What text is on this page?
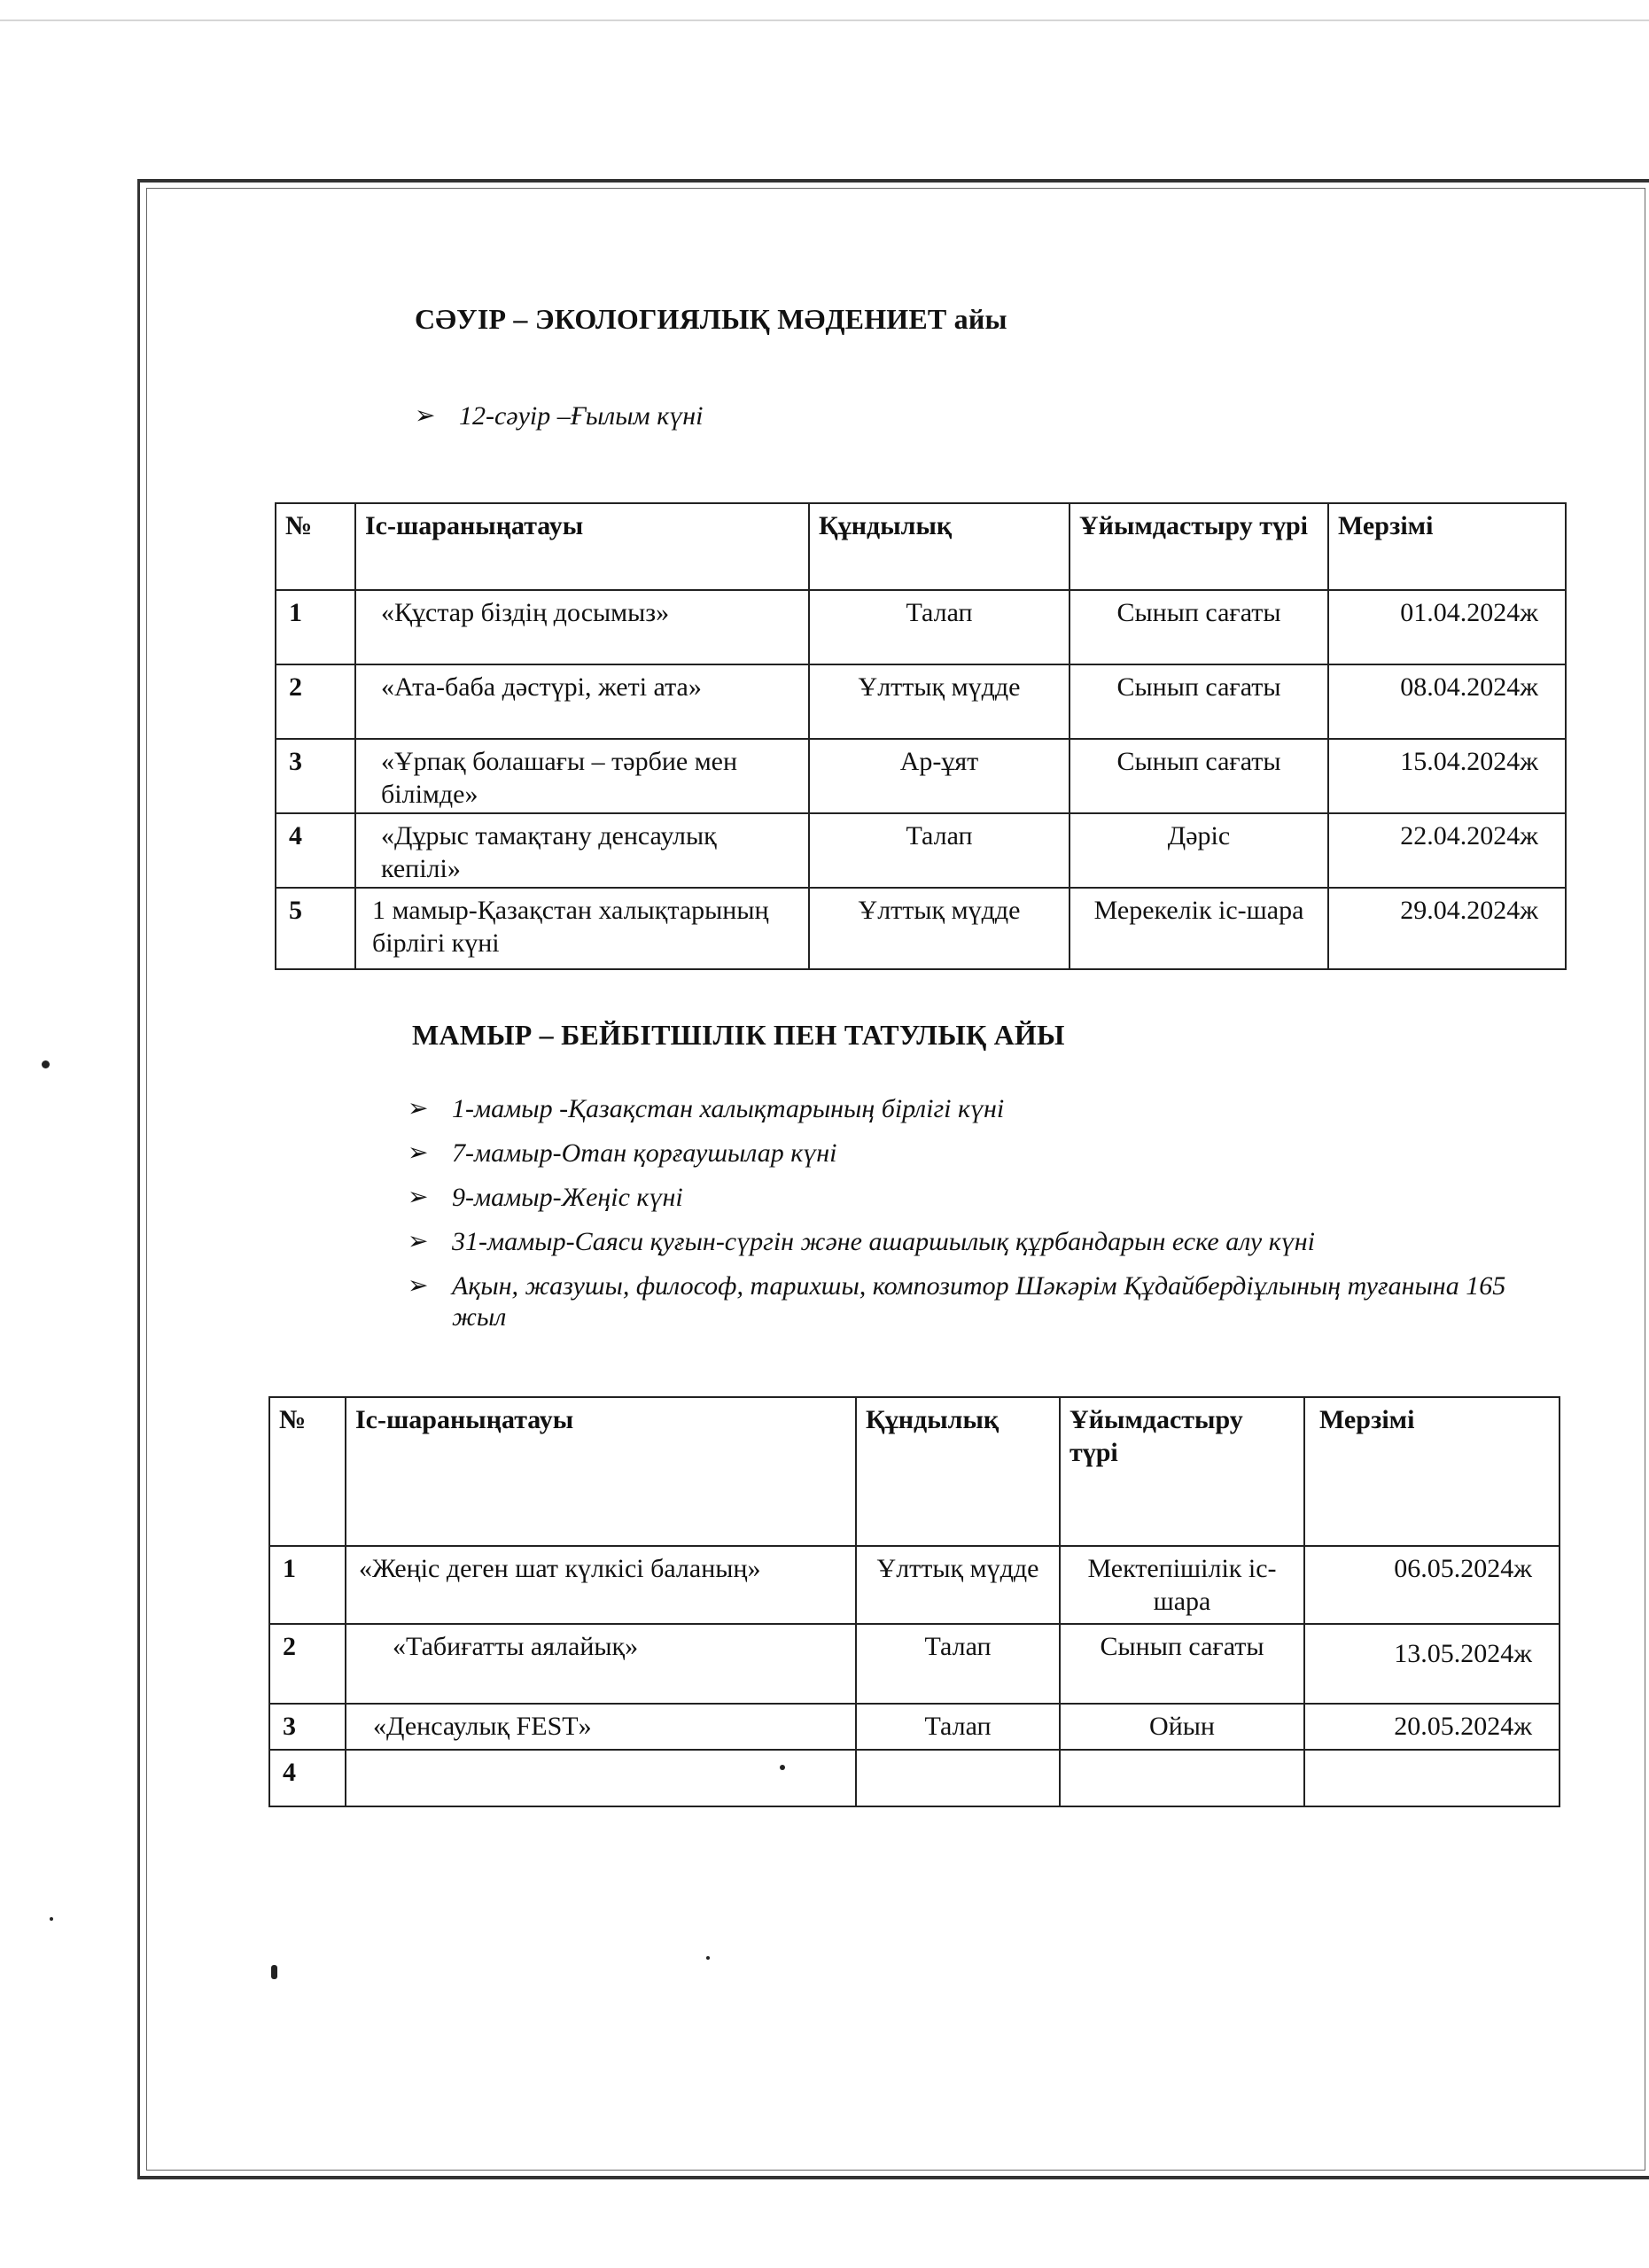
СӘУІР – ЭКОЛОГИЯЛЫҚ МӘДЕНИЕТ айы
➢ 12-сәуір –Ғылым күні
№	Іс-шараныңатауы	Құндылық	Ұйымдастыру түрі	Мерзімі
1	«Құстар біздің досымыз»	Талап	Сынып сағаты	01.04.2024ж
2	«Ата-баба дәстүрі, жеті ата»	Ұлттық мүдде	Сынып сағаты	08.04.2024ж
3	«Ұрпақ болашағы – тәрбие мен білімде»	Ар-ұят	Сынып сағаты	15.04.2024ж
4	«Дұрыс тамақтану денсаулық кепілі»	Талап	Дәріс	22.04.2024ж
5	1 мамыр-Қазақстан халықтарының бірлігі күні	Ұлттық мүдде	Мерекелік іс-шара	29.04.2024ж
МАМЫР – БЕЙБІТШІЛІК ПЕН ТАТУЛЫҚ АЙЫ
➢ 1-мамыр -Қазақстан халықтарының бірлігі күні
➢ 7-мамыр-Отан қорғаушылар күні
➢ 9-мамыр-Жеңіс күні
➢ 31-мамыр-Саяси қуғын-сүргін және ашаршылық құрбандарын еске алу күні
➢ Ақын, жазушы, философ, тарихшы, композитор Шәкәрім Құдайбердіұлының туғанына 165 жыл
№	Іс-шараныңатауы	Құндылық	Ұйымдастыру түрі	Мерзімі
1	«Жеңіс деген шат күлкісі баланың»	Ұлттық мүдде	Мектепішілік іс-шара	06.05.2024ж
2	«Табиғатты аялайық»	Талап	Сынып сағаты	13.05.2024ж
3	«Денсаулық FEST»	Талап	Ойын	20.05.2024ж
4				
